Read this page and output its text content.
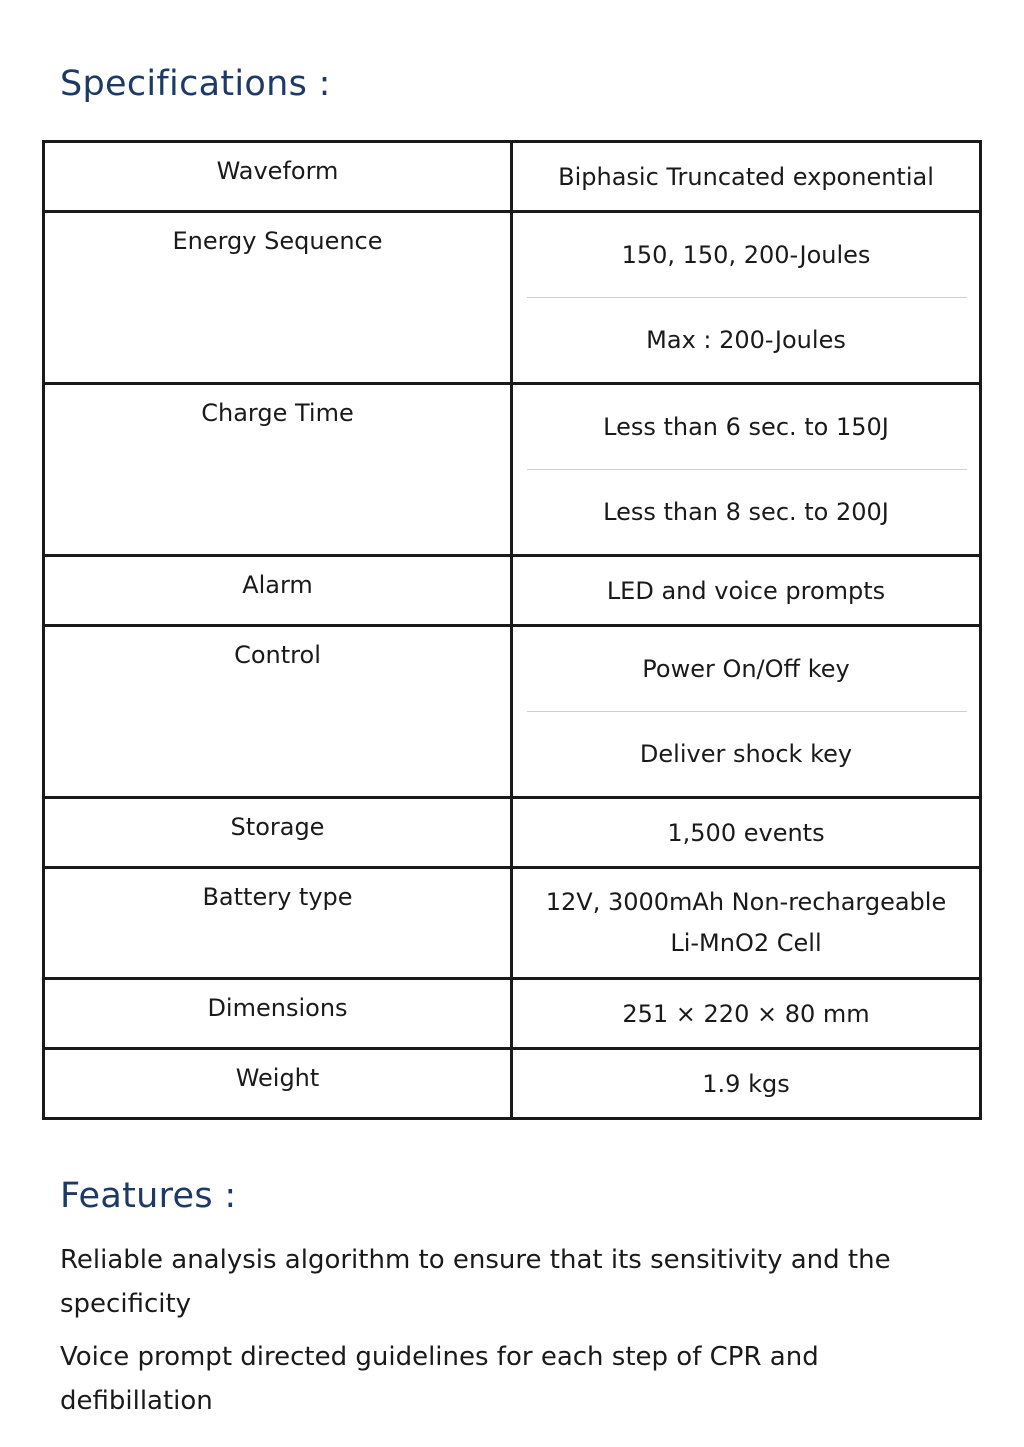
Specifications :
Waveform	Biphasic Truncated exponential

Energy Sequence	150, 150, 200-Joules
Max : 200-Joules

Charge Time	Less than 6 sec. to 150J
Less than 8 sec. to 200J

Alarm	LED and voice prompts

Control	Power On/Off key
Deliver shock key

Storage	1,500 events

Battery type	12V, 3000mAh Non-rechargeable Li-MnO2 Cell

Dimensions	251 × 220 × 80 mm

Weight	1.9 kgs
Features :

Reliable analysis algorithm to ensure that its sensitivity and the specificity

Voice prompt directed guidelines for each step of CPR and defibillation
